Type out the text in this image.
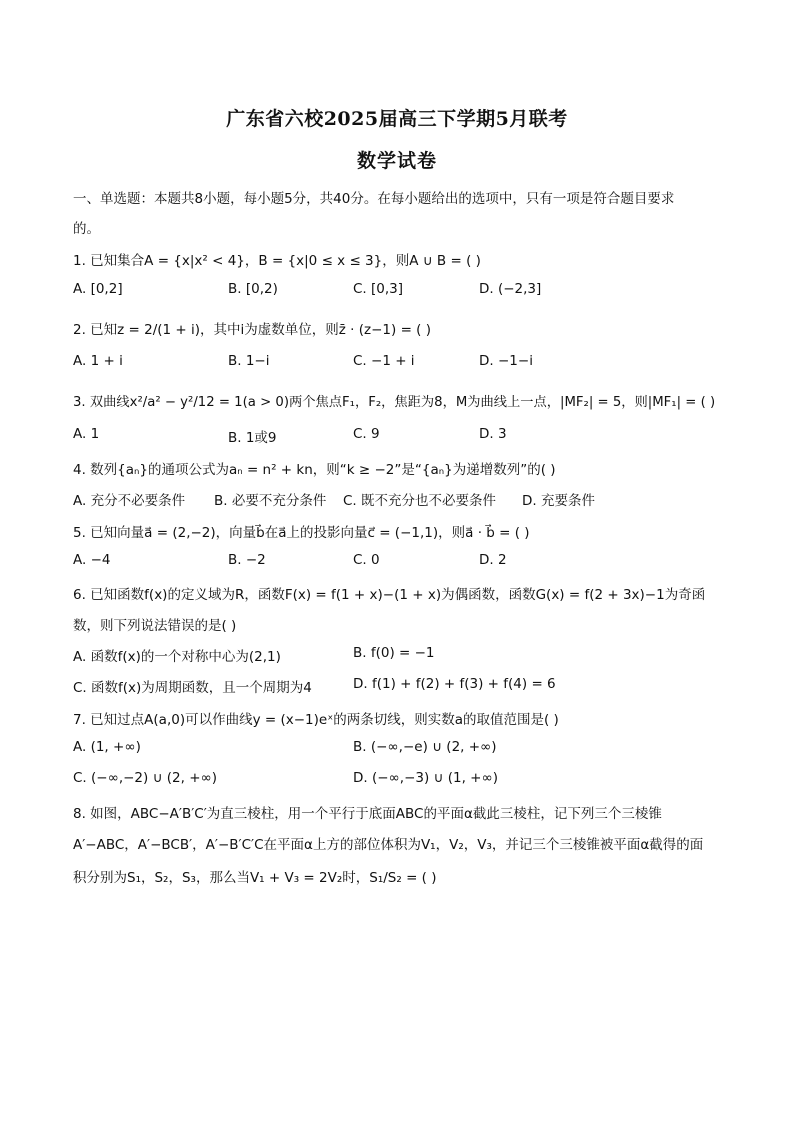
广东省六校2025届高三下学期5月联考
数学试卷
一、单选题：本题共8小题，每小题5分，共40分。在每小题给出的选项中，只有一项是符合题目要求
的。
1. 已知集合A = {x|x² < 4}，B = {x|0 ≤ x ≤ 3}，则A ∪ B = ( )
A. [0,2]	B. [0,2)	C. [0,3]	D. (−2,3]
2. 已知z = 2/(1 + i)，其中i为虚数单位，则z̄ · (z−1) = ( )
A. 1 + i	B. 1−i	C. −1 + i	D. −1−i
3. 双曲线x²/a² − y²/12 = 1(a > 0)两个焦点F₁，F₂，焦距为8，M为曲线上一点，|MF₂| = 5，则|MF₁| = ( )
A. 1	B. 1或9	C. 9	D. 3
4. 数列{aₙ}的通项公式为aₙ = n² + kn，则“k ≥ −2”是“{aₙ}为递增数列”的( )
A. 充分不必要条件 B. 必要不充分条件 C. 既不充分也不必要条件 D. 充要条件
5. 已知向量a⃗ = (2,−2)，向量b⃗在a⃗上的投影向量c⃗ = (−1,1)，则a⃗ · b⃗ = ( )
A. −4	B. −2	C. 0	D. 2
6. 已知函数f(x)的定义域为R，函数F(x) = f(1 + x)−(1 + x)为偶函数，函数G(x) = f(2 + 3x)−1为奇函
数，则下列说法错误的是( )
A. 函数f(x)的一个对称中心为(2,1)	B. f(0) = −1
C. 函数f(x)为周期函数，且一个周期为4	D. f(1) + f(2) + f(3) + f(4) = 6
7. 已知过点A(a,0)可以作曲线y = (x−1)eˣ的两条切线，则实数a的取值范围是( )
A. (1, +∞)	B. (−∞,−e) ∪ (2, +∞)
C. (−∞,−2) ∪ (2, +∞)	D. (−∞,−3) ∪ (1, +∞)
8. 如图，ABC−A′B′C′为直三棱柱，用一个平行于底面ABC的平面α截此三棱柱，记下列三个三棱锥
A′−ABC，A′−BCB′，A′−B′C′C在平面α上方的部位体积为V₁，V₂，V₃，并记三个三棱锥被平面α截得的面
积分别为S₁，S₂，S₃，那么当V₁ + V₃ = 2V₂时，S₁/S₂ = ( )
